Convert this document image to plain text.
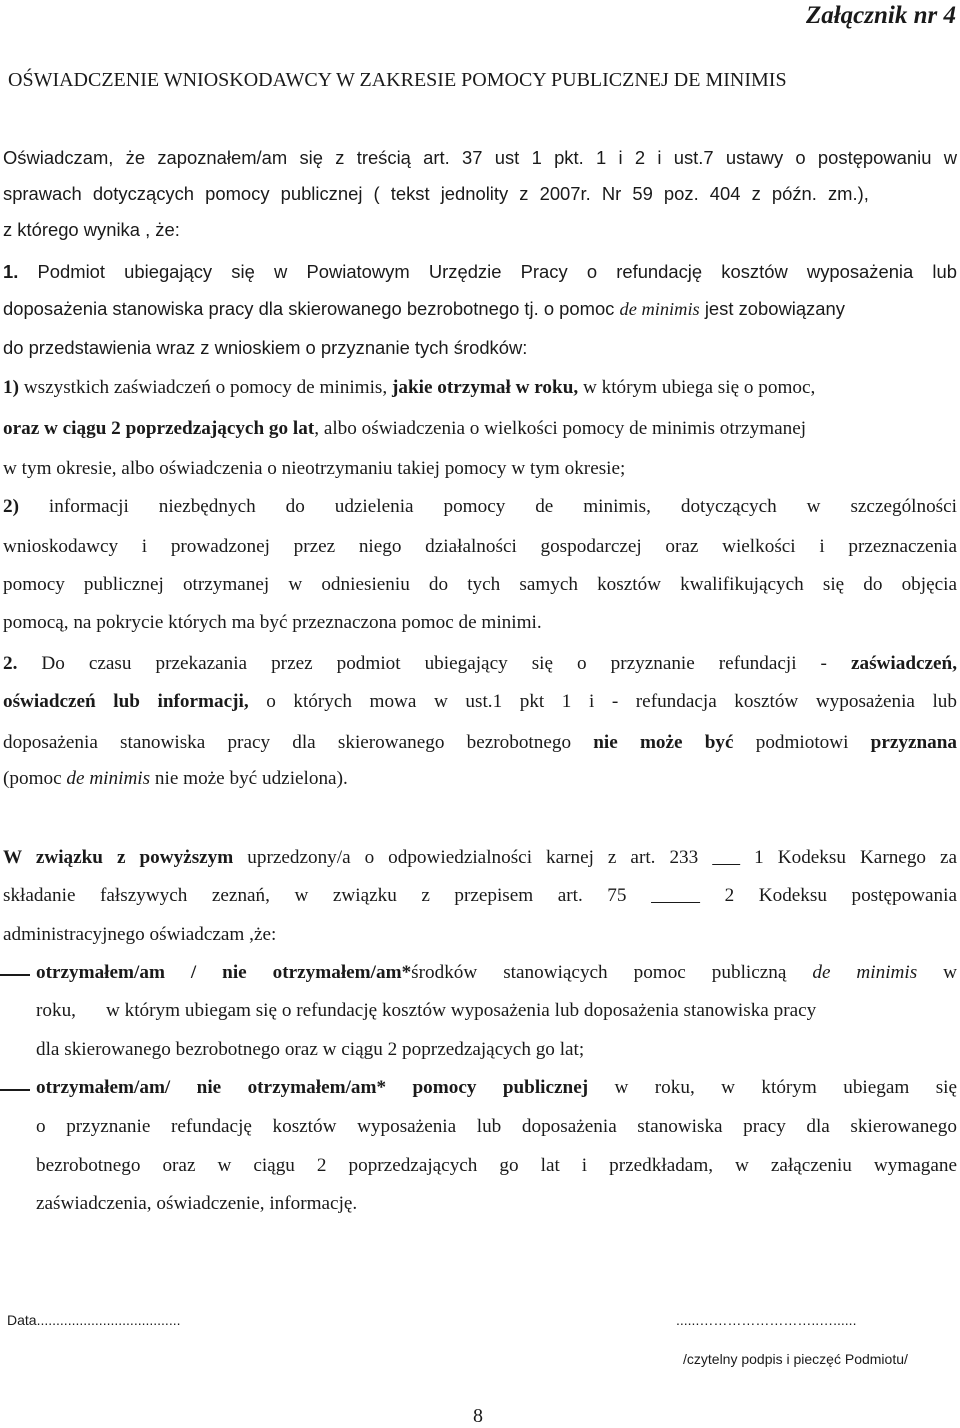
Załącznik nr 4
OŚWIADCZENIE WNIOSKODAWCY W ZAKRESIE POMOCY PUBLICZNEJ DE MINIMIS
Oświadczam, że zapoznałem/am się z treścią art. 37 ust 1 pkt. 1 i 2 i ust.7 ustawy o postępowaniu w
sprawach dotyczących pomocy publicznej ( tekst jednolity z 2007r. Nr 59 poz. 404 z późn. zm.),
z którego wynika , że:
1. Podmiot ubiegający się w Powiatowym Urzędzie Pracy o refundację kosztów wyposażenia lub
doposażenia stanowiska pracy dla skierowanego bezrobotnego tj. o pomoc de minimis jest zobowiązany
do przedstawienia wraz z wnioskiem o przyznanie tych środków:
1) wszystkich zaświadczeń o pomocy de minimis, jakie otrzymał w roku, w którym ubiega się o pomoc,
oraz w ciągu 2 poprzedzających go lat, albo oświadczenia o wielkości pomocy de minimis otrzymanej
w tym okresie, albo oświadczenia o nieotrzymaniu takiej pomocy w tym okresie;
2) informacji niezbędnych do udzielenia pomocy de minimis, dotyczących w szczególności
wnioskodawcy i prowadzonej przez niego działalności gospodarczej oraz wielkości i przeznaczenia
pomocy publicznej otrzymanej w odniesieniu do tych samych kosztów kwalifikujących się do objęcia
pomocą, na pokrycie których ma być przeznaczona pomoc de minimi.
2. Do czasu przekazania przez podmiot ubiegający się o przyznanie refundacji - zaświadczeń,
oświadczeń lub informacji, o których mowa w ust.1 pkt 1 i - refundacja kosztów wyposażenia lub
doposażenia stanowiska pracy dla skierowanego bezrobotnego nie może być podmiotowi przyznana
(pomoc de minimis nie może być udzielona).
W związku z powyższym uprzedzony/a o odpowiedzialności karnej z art. 233	1 Kodeksu Karnego za
składanie fałszywych zeznań, w związku z przepisem art. 75	2 Kodeksu postępowania
administracyjnego oświadczam ,że:
otrzymałem/am / nie otrzymałem/am*środków stanowiących pomoc publiczną de minimis w
roku, w którym ubiegam się o refundację kosztów wyposażenia lub doposażenia stanowiska pracy
dla skierowanego bezrobotnego oraz w ciągu 2 poprzedzających go lat;
otrzymałem/am/ nie otrzymałem/am* pomocy publicznej w roku, w którym ubiegam się
o przyznanie refundację kosztów wyposażenia lub doposażenia stanowiska pracy dla skierowanego
bezrobotnego oraz w ciągu 2 poprzedzających go lat i przedkładam, w załączeniu wymagane
zaświadczenia, oświadczenie, informację.
Data.....................................	......……………………..…......
/czytelny podpis i pieczęć Podmiotu/
8
